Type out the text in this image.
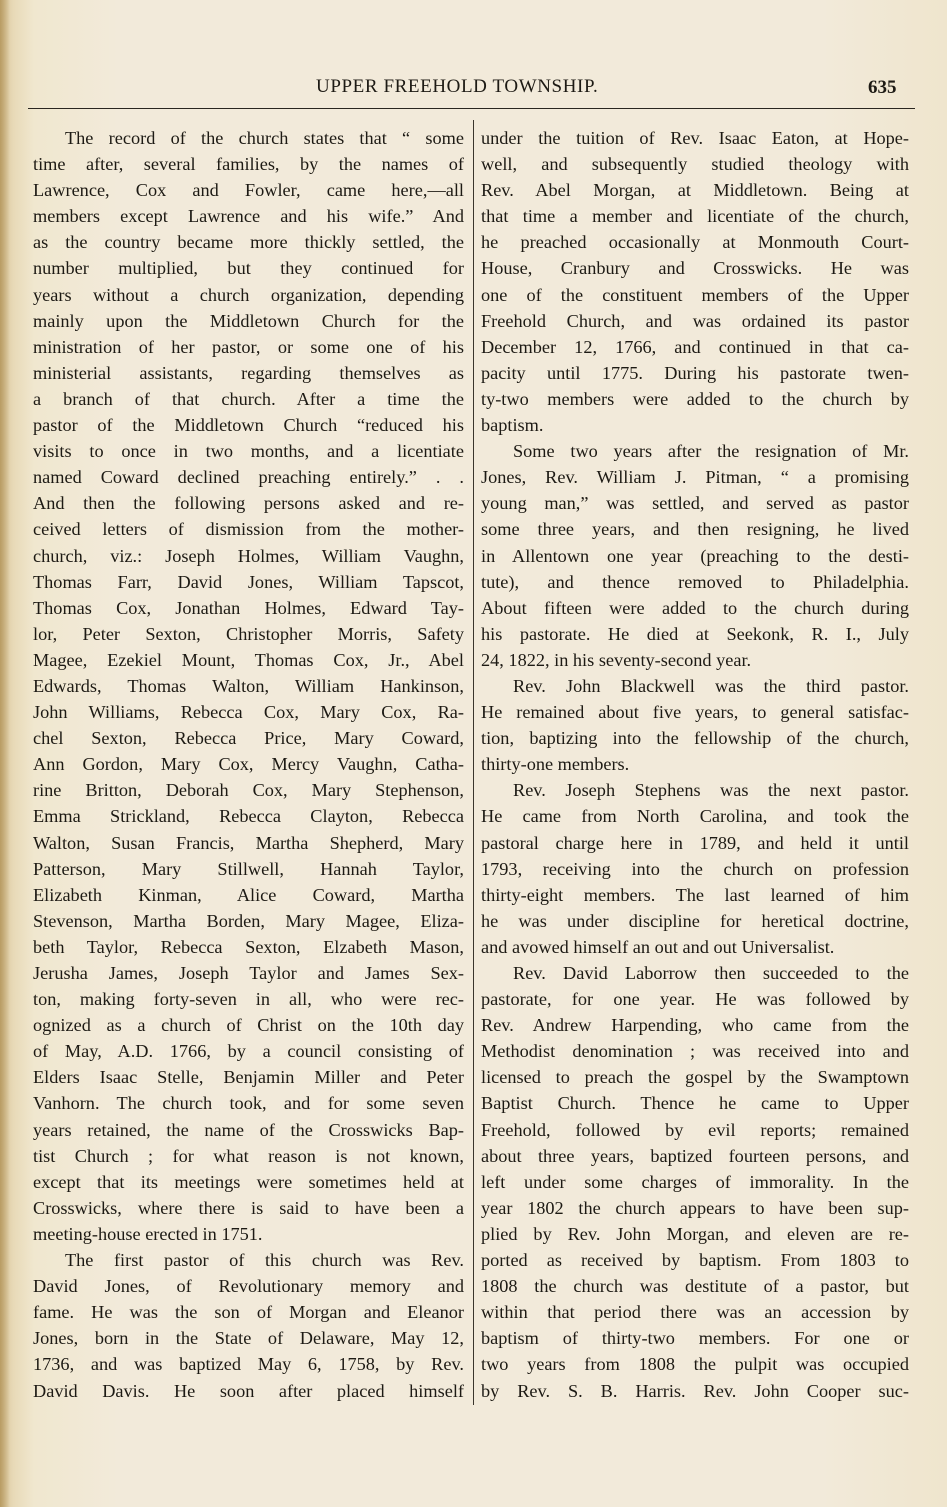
UPPER FREEHOLD TOWNSHIP.	635
The record of the church states that “ some
time after, several families, by the names of
Lawrence, Cox and Fowler, came here,—all
members except Lawrence and his wife.” And
as the country became more thickly settled, the
number multiplied, but they continued for
years without a church organization, depending
mainly upon the Middletown Church for the
ministration of her pastor, or some one of his
ministerial assistants, regarding themselves as
a branch of that church. After a time the
pastor of the Middletown Church “reduced his
visits to once in two months, and a licentiate
named Coward declined preaching entirely.” . .
And then the following persons asked and re-
ceived letters of dismission from the mother-
church, viz.: Joseph Holmes, William Vaughn,
Thomas Farr, David Jones, William Tapscot,
Thomas Cox, Jonathan Holmes, Edward Tay-
lor, Peter Sexton, Christopher Morris, Safety
Magee, Ezekiel Mount, Thomas Cox, Jr., Abel
Edwards, Thomas Walton, William Hankinson,
John Williams, Rebecca Cox, Mary Cox, Ra-
chel Sexton, Rebecca Price, Mary Coward,
Ann Gordon, Mary Cox, Mercy Vaughn, Catha-
rine Britton, Deborah Cox, Mary Stephenson,
Emma Strickland, Rebecca Clayton, Rebecca
Walton, Susan Francis, Martha Shepherd, Mary
Patterson, Mary Stillwell, Hannah Taylor,
Elizabeth Kinman, Alice Coward, Martha
Stevenson, Martha Borden, Mary Magee, Eliza-
beth Taylor, Rebecca Sexton, Elzabeth Mason,
Jerusha James, Joseph Taylor and James Sex-
ton, making forty-seven in all, who were rec-
ognized as a church of Christ on the 10th day
of May, A.D. 1766, by a council consisting of
Elders Isaac Stelle, Benjamin Miller and Peter
Vanhorn. The church took, and for some seven
years retained, the name of the Crosswicks Bap-
tist Church ; for what reason is not known,
except that its meetings were sometimes held at
Crosswicks, where there is said to have been a
meeting-house erected in 1751.
The first pastor of this church was Rev.
David Jones, of Revolutionary memory and
fame. He was the son of Morgan and Eleanor
Jones, born in the State of Delaware, May 12,
1736, and was baptized May 6, 1758, by Rev.
David Davis. He soon after placed himself
under the tuition of Rev. Isaac Eaton, at Hope-
well, and subsequently studied theology with
Rev. Abel Morgan, at Middletown. Being at
that time a member and licentiate of the church,
he preached occasionally at Monmouth Court-
House, Cranbury and Crosswicks. He was
one of the constituent members of the Upper
Freehold Church, and was ordained its pastor
December 12, 1766, and continued in that ca-
pacity until 1775. During his pastorate twen-
ty-two members were added to the church by
baptism.
Some two years after the resignation of Mr.
Jones, Rev. William J. Pitman, “ a promising
young man,” was settled, and served as pastor
some three years, and then resigning, he lived
in Allentown one year (preaching to the desti-
tute), and thence removed to Philadelphia.
About fifteen were added to the church during
his pastorate. He died at Seekonk, R. I., July
24, 1822, in his seventy-second year.
Rev. John Blackwell was the third pastor.
He remained about five years, to general satisfac-
tion, baptizing into the fellowship of the church,
thirty-one members.
Rev. Joseph Stephens was the next pastor.
He came from North Carolina, and took the
pastoral charge here in 1789, and held it until
1793, receiving into the church on profession
thirty-eight members. The last learned of him
he was under discipline for heretical doctrine,
and avowed himself an out and out Universalist.
Rev. David Laborrow then succeeded to the
pastorate, for one year. He was followed by
Rev. Andrew Harpending, who came from the
Methodist denomination ; was received into and
licensed to preach the gospel by the Swamptown
Baptist Church. Thence he came to Upper
Freehold, followed by evil reports; remained
about three years, baptized fourteen persons, and
left under some charges of immorality. In the
year 1802 the church appears to have been sup-
plied by Rev. John Morgan, and eleven are re-
ported as received by baptism. From 1803 to
1808 the church was destitute of a pastor, but
within that period there was an accession by
baptism of thirty-two members. For one or
two years from 1808 the pulpit was occupied
by Rev. S. B. Harris. Rev. John Cooper suc-
